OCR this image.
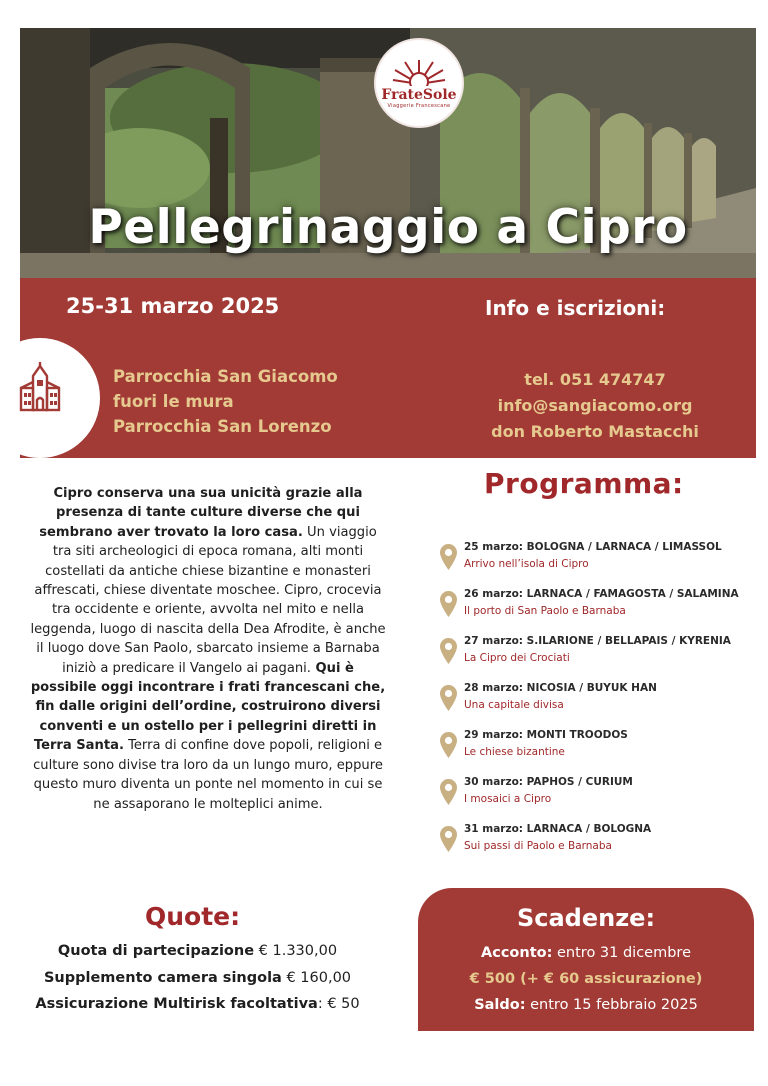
FrateSole
Viaggerie Francescane
Pellegrinaggio a Cipro
25-31 marzo 2025	Info e iscrizioni:
Parrocchia San Giacomo
fuori le mura
Parrocchia San Lorenzo
tel. 051 474747
info@sangiacomo.org
don Roberto Mastacchi
Cipro conserva una sua unicità grazie alla presenza di tante culture diverse che qui sembrano aver trovato la loro casa. Un viaggio tra siti archeologici di epoca romana, alti monti costellati da antiche chiese bizantine e monasteri affrescati, chiese diventate moschee. Cipro, crocevia tra occidente e oriente, avvolta nel mito e nella leggenda, luogo di nascita della Dea Afrodite, è anche il luogo dove San Paolo, sbarcato insieme a Barnaba iniziò a predicare il Vangelo ai pagani. Qui è possibile oggi incontrare i frati francescani che, fin dalle origini dell’ordine, costruirono diversi conventi e un ostello per i pellegrini diretti in Terra Santa. Terra di confine dove popoli, religioni e culture sono divise tra loro da un lungo muro, eppure questo muro diventa un ponte nel momento in cui se ne assaporano le molteplici anime.
Programma:
25 marzo: BOLOGNA / LARNACA / LIMASSOL
Arrivo nell’isola di Cipro
26 marzo: LARNACA / FAMAGOSTA / SALAMINA
Il porto di San Paolo e Barnaba
27 marzo: S.ILARIONE / BELLAPAIS / KYRENIA
La Cipro dei Crociati
28 marzo: NICOSIA / BUYUK HAN
Una capitale divisa
29 marzo: MONTI TROODOS
Le chiese bizantine
30 marzo: PAPHOS / CURIUM
I mosaici a Cipro
31 marzo: LARNACA / BOLOGNA
Sui passi di Paolo e Barnaba
Quote:
Quota di partecipazione € 1.330,00
Supplemento camera singola € 160,00
Assicurazione Multirisk facoltativa: € 50
Scadenze:
Acconto: entro 31 dicembre
€ 500 (+ € 60 assicurazione)
Saldo: entro 15 febbraio 2025
